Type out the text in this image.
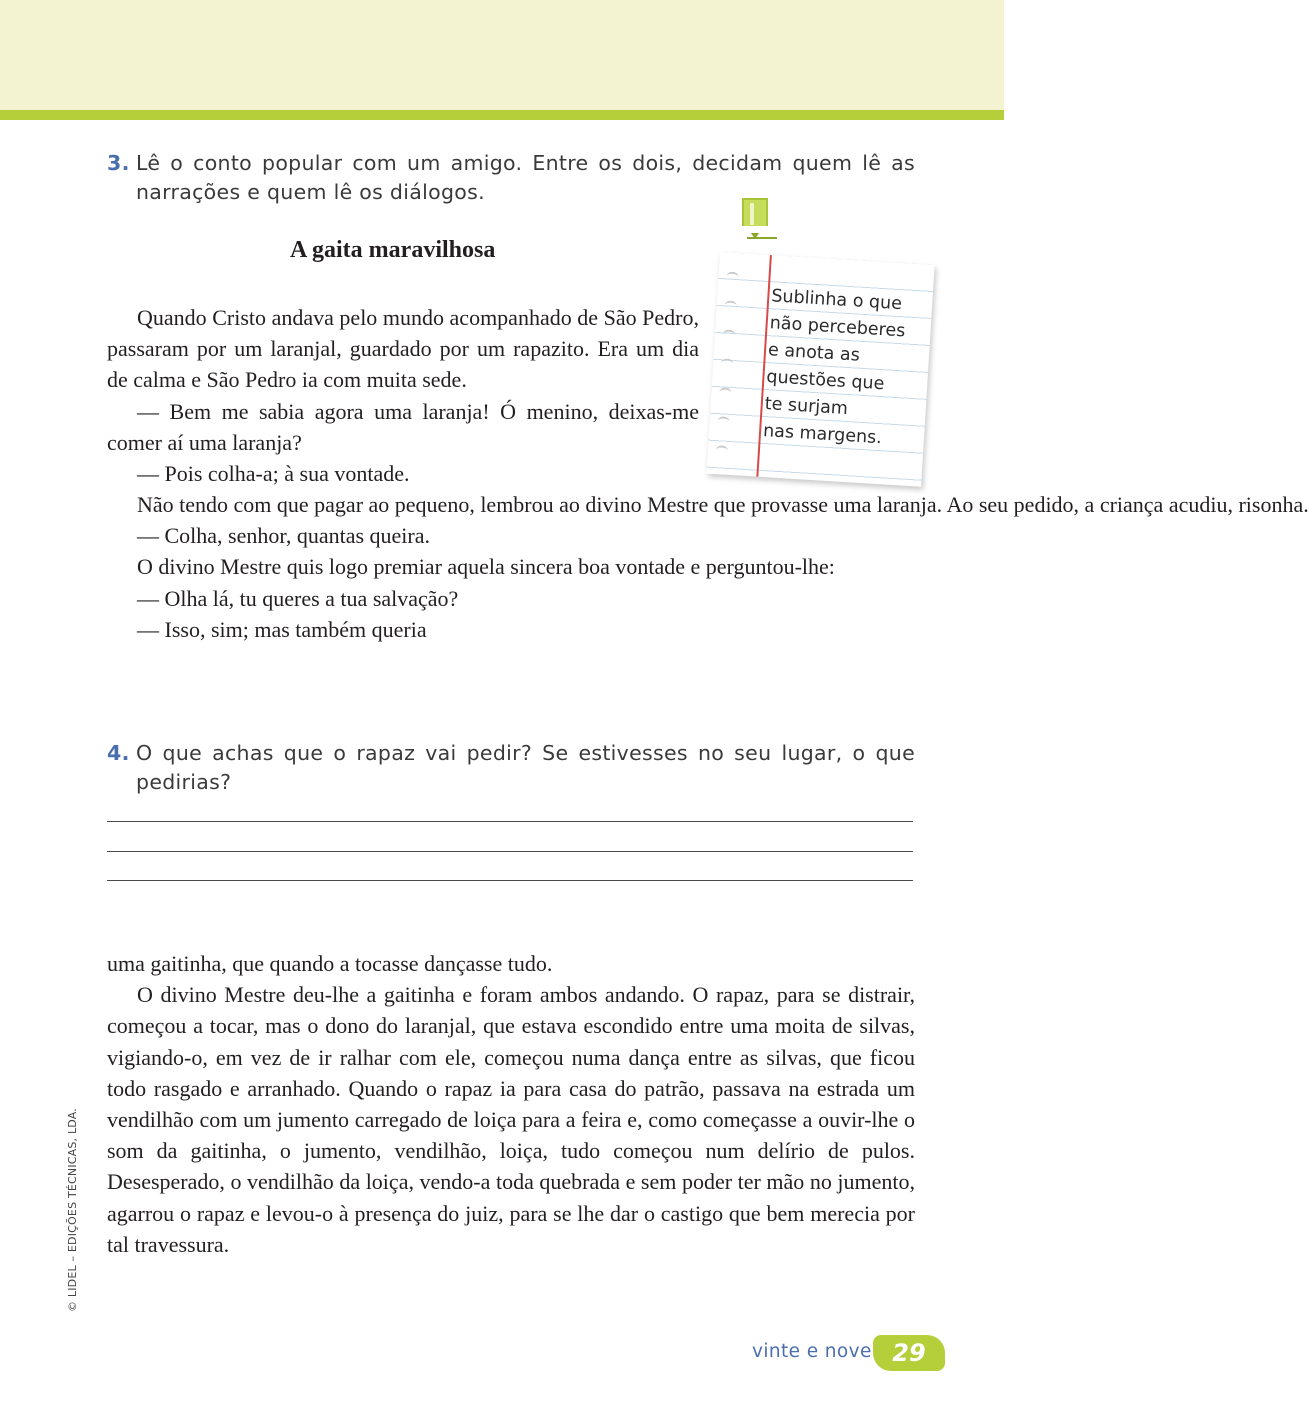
3. Lê o conto popular com um amigo. Entre os dois, decidam quem lê as narrações e quem lê os diálogos.
A gaita maravilhosa

Quando Cristo andava pelo mundo acompanhado de São Pedro, passaram por um laranjal, guardado por um rapazito. Era um dia de calma e São Pedro ia com muita sede.

— Bem me sabia agora uma laranja! Ó menino, deixas-me comer aí uma laranja?

— Pois colha-a; à sua vontade.

Não tendo com que pagar ao pequeno, lembrou ao divino Mestre que provasse uma laranja. Ao seu pedido, a criança acudiu, risonha.

— Colha, senhor, quantas queira.

O divino Mestre quis logo premiar aquela sincera boa vontade e perguntou-lhe:

— Olha lá, tu queres a tua salvação?

— Isso, sim; mas também queria

Sublinha o que
não perceberes
e anota as
questões que
te surjam
nas margens.
4. O que achas que o rapaz vai pedir? Se estivesses no seu lugar, o que pedirias?

uma gaitinha, que quando a tocasse dançasse tudo.

O divino Mestre deu-lhe a gaitinha e foram ambos andando. O rapaz, para se distrair, começou a tocar, mas o dono do laranjal, que estava escondido entre uma moita de silvas, vigiando-o, em vez de ir ralhar com ele, começou numa dança entre as silvas, que ficou todo rasgado e arranhado. Quando o rapaz ia para casa do patrão, passava na estrada um vendilhão com um jumento carregado de loiça para a feira e, como começasse a ouvir-lhe o som da gaitinha, o jumento, vendilhão, loiça, tudo começou num delírio de pulos. Desesperado, o vendilhão da loiça, vendo-a toda quebrada e sem poder ter mão no jumento, agarrou o rapaz e levou-o à presença do juiz, para se lhe dar o castigo que bem merecia por tal travessura.

© LIDEL – EDIÇÕES TÉCNICAS, LDA.
vinte e nove 29
